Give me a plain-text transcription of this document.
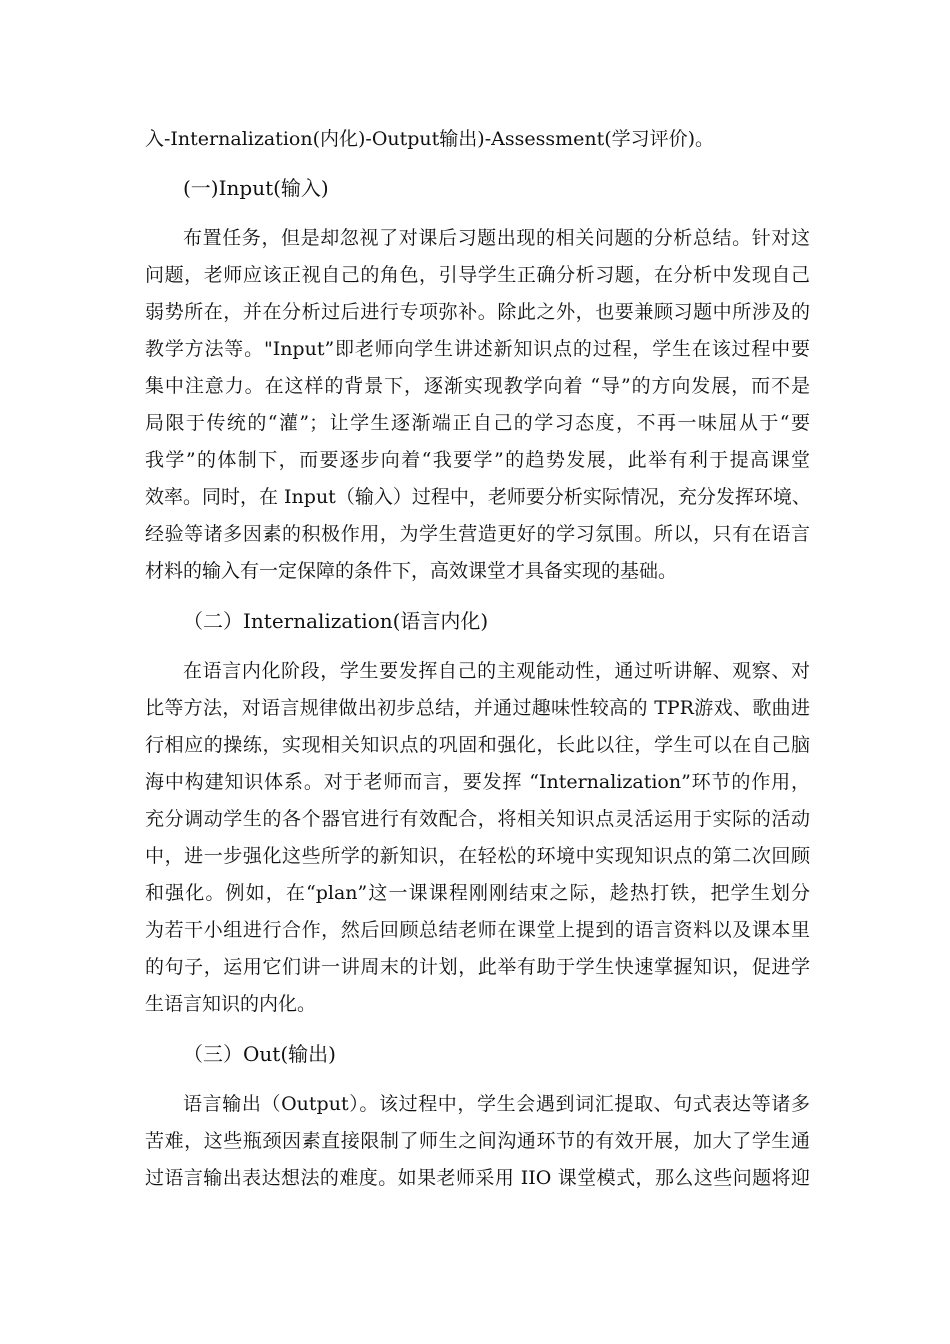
入-Internalization(内化)-Output输出)-Assessment(学习评价)。
(一)Input(输入)
布置任务，但是却忽视了对课后习题出现的相关问题的分析总结。针对这
问题，老师应该正视自己的角色，引导学生正确分析习题，在分析中发现自己
弱势所在，并在分析过后进行专项弥补。除此之外，也要兼顾习题中所涉及的
教学方法等。"Input”即老师向学生讲述新知识点的过程，学生在该过程中要
集中注意力。在这样的背景下，逐渐实现教学向着 “导”的方向发展，而不是
局限于传统的“灌”；让学生逐渐端正自己的学习态度，不再一味屈从于“要
我学”的体制下，而要逐步向着“我要学”的趋势发展，此举有利于提高课堂
效率。同时，在 Input（输入）过程中，老师要分析实际情况，充分发挥环境、
经验等诸多因素的积极作用，为学生营造更好的学习氛围。所以，只有在语言
材料的输入有一定保障的条件下，高效课堂才具备实现的基础。
（二）Internalization(语言内化)
在语言内化阶段，学生要发挥自己的主观能动性，通过听讲解、观察、对
比等方法，对语言规律做出初步总结，并通过趣味性较高的 TPR游戏、歌曲进
行相应的操练，实现相关知识点的巩固和强化，长此以往，学生可以在自己脑
海中构建知识体系。对于老师而言，要发挥 “Internalization”环节的作用，
充分调动学生的各个器官进行有效配合，将相关知识点灵活运用于实际的活动
中，进一步强化这些所学的新知识，在轻松的环境中实现知识点的第二次回顾
和强化。例如，在“plan”这一课课程刚刚结束之际，趁热打铁，把学生划分
为若干小组进行合作，然后回顾总结老师在课堂上提到的语言资料以及课本里
的句子，运用它们讲一讲周末的计划，此举有助于学生快速掌握知识，促进学
生语言知识的内化。
（三）Out(输出)
语言输出（Output）。该过程中，学生会遇到词汇提取、句式表达等诸多
苦难，这些瓶颈因素直接限制了师生之间沟通环节的有效开展，加大了学生通
过语言输出表达想法的难度。如果老师采用 IIO 课堂模式，那么这些问题将迎
